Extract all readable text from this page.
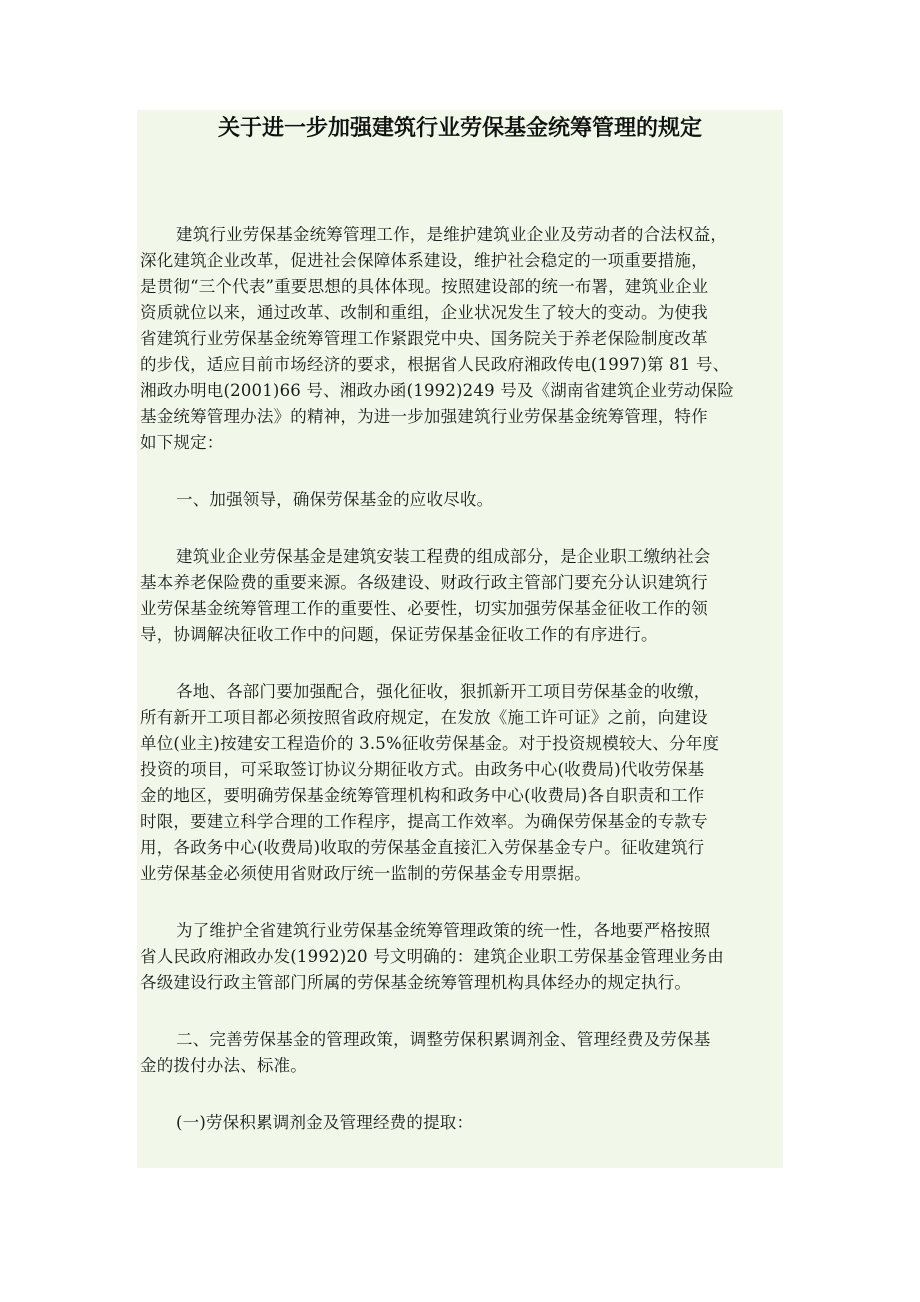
关于进一步加强建筑行业劳保基金统筹管理的规定

建筑行业劳保基金统筹管理工作，是维护建筑业企业及劳动者的合法权益，
深化建筑企业改革，促进社会保障体系建设，维护社会稳定的一项重要措施，
是贯彻“三个代表”重要思想的具体体现。按照建设部的统一布署，建筑业企业
资质就位以来，通过改革、改制和重组，企业状况发生了较大的变动。为使我
省建筑行业劳保基金统筹管理工作紧跟党中央、国务院关于养老保险制度改革
的步伐，适应目前市场经济的要求，根据省人民政府湘政传电(1997)第 81 号、
湘政办明电(2001)66 号、湘政办函(1992)249 号及《湖南省建筑企业劳动保险
基金统筹管理办法》的精神，为进一步加强建筑行业劳保基金统筹管理，特作
如下规定：

一、加强领导，确保劳保基金的应收尽收。

建筑业企业劳保基金是建筑安装工程费的组成部分，是企业职工缴纳社会
基本养老保险费的重要来源。各级建设、财政行政主管部门要充分认识建筑行
业劳保基金统筹管理工作的重要性、必要性，切实加强劳保基金征收工作的领
导，协调解决征收工作中的问题，保证劳保基金征收工作的有序进行。

各地、各部门要加强配合，强化征收，狠抓新开工项目劳保基金的收缴，
所有新开工项目都必须按照省政府规定，在发放《施工许可证》之前，向建设
单位(业主)按建安工程造价的 3.5%征收劳保基金。对于投资规模较大、分年度
投资的项目，可采取签订协议分期征收方式。由政务中心(收费局)代收劳保基
金的地区，要明确劳保基金统筹管理机构和政务中心(收费局)各自职责和工作
时限，要建立科学合理的工作程序，提高工作效率。为确保劳保基金的专款专
用，各政务中心(收费局)收取的劳保基金直接汇入劳保基金专户。征收建筑行
业劳保基金必须使用省财政厅统一监制的劳保基金专用票据。

为了维护全省建筑行业劳保基金统筹管理政策的统一性，各地要严格按照
省人民政府湘政办发(1992)20 号文明确的：建筑企业职工劳保基金管理业务由
各级建设行政主管部门所属的劳保基金统筹管理机构具体经办的规定执行。

二、完善劳保基金的管理政策，调整劳保积累调剂金、管理经费及劳保基
金的拨付办法、标准。

(一)劳保积累调剂金及管理经费的提取：
